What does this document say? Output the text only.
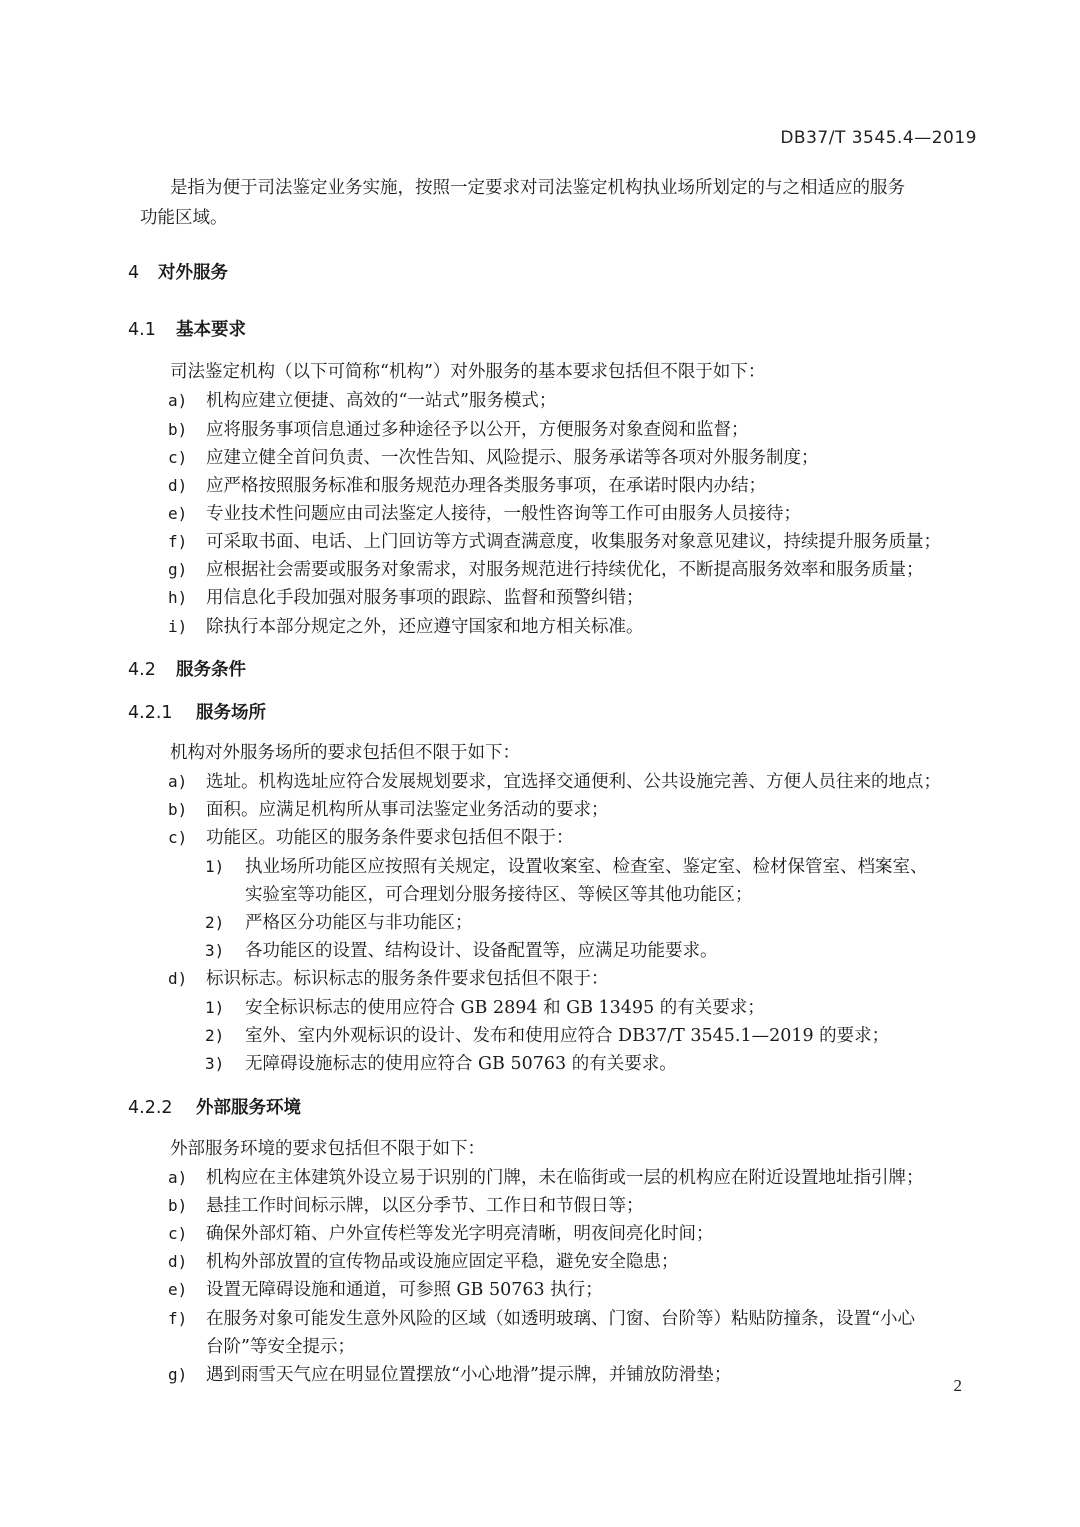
DB37/T 3545.4—2019
是指为便于司法鉴定业务实施，按照一定要求对司法鉴定机构执业场所划定的与之相适应的服务
功能区域。
4 对外服务
4.1 基本要求
司法鉴定机构（以下可简称“机构”）对外服务的基本要求包括但不限于如下：
a)	机构应建立便捷、高效的“一站式”服务模式；
b)	应将服务事项信息通过多种途径予以公开，方便服务对象查阅和监督；
c)	应建立健全首问负责、一次性告知、风险提示、服务承诺等各项对外服务制度；
d)	应严格按照服务标准和服务规范办理各类服务事项，在承诺时限内办结；
e)	专业技术性问题应由司法鉴定人接待，一般性咨询等工作可由服务人员接待；
f)	可采取书面、电话、上门回访等方式调查满意度，收集服务对象意见建议，持续提升服务质量；
g)	应根据社会需要或服务对象需求，对服务规范进行持续优化，不断提高服务效率和服务质量；
h)	用信息化手段加强对服务事项的跟踪、监督和预警纠错；
i)	除执行本部分规定之外，还应遵守国家和地方相关标准。
4.2 服务条件
4.2.1 服务场所
机构对外服务场所的要求包括但不限于如下：
a)	选址。机构选址应符合发展规划要求，宜选择交通便利、公共设施完善、方便人员往来的地点；
b)	面积。应满足机构所从事司法鉴定业务活动的要求；
c)	功能区。功能区的服务条件要求包括但不限于：
1)	执业场所功能区应按照有关规定，设置收案室、检查室、鉴定室、检材保管室、档案室、
实验室等功能区，可合理划分服务接待区、等候区等其他功能区；
2)	严格区分功能区与非功能区；
3)	各功能区的设置、结构设计、设备配置等，应满足功能要求。
d)	标识标志。标识标志的服务条件要求包括但不限于：
1)	安全标识标志的使用应符合 GB 2894 和 GB 13495 的有关要求；
2)	室外、室内外观标识的设计、发布和使用应符合 DB37/T 3545.1—2019 的要求；
3)	无障碍设施标志的使用应符合 GB 50763 的有关要求。
4.2.2 外部服务环境
外部服务环境的要求包括但不限于如下：
a)	机构应在主体建筑外设立易于识别的门牌，未在临街或一层的机构应在附近设置地址指引牌；
b)	悬挂工作时间标示牌，以区分季节、工作日和节假日等；
c)	确保外部灯箱、户外宣传栏等发光字明亮清晰，明夜间亮化时间；
d)	机构外部放置的宣传物品或设施应固定平稳，避免安全隐患；
e)	设置无障碍设施和通道，可参照 GB 50763 执行；
f)	在服务对象可能发生意外风险的区域（如透明玻璃、门窗、台阶等）粘贴防撞条，设置“小心
台阶”等安全提示；
g)	遇到雨雪天气应在明显位置摆放“小心地滑”提示牌，并铺放防滑垫；
2
